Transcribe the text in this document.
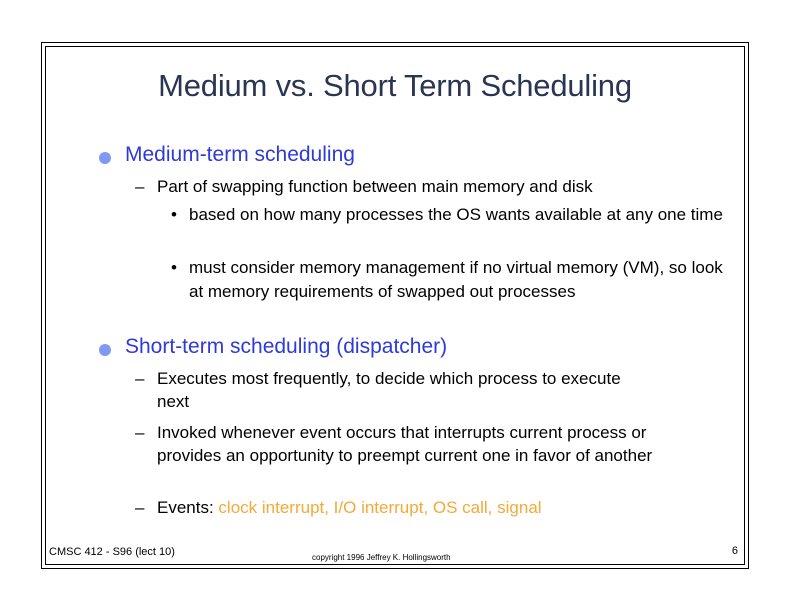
Medium vs. Short Term Scheduling
Medium-term scheduling
– Part of swapping function between main memory and disk
• based on how many processes the OS wants available at any one time
• must consider memory management if no virtual memory (VM), so look at memory requirements of swapped out processes
Short-term scheduling (dispatcher)
– Executes most frequently, to decide which process to execute next
– Invoked whenever event occurs that interrupts current process or provides an opportunity to preempt current one in favor of another
– Events: clock interrupt, I/O interrupt, OS call, signal
CMSC 412 - S96 (lect 10)	copyright 1996 Jeffrey K. Hollingsworth
6
